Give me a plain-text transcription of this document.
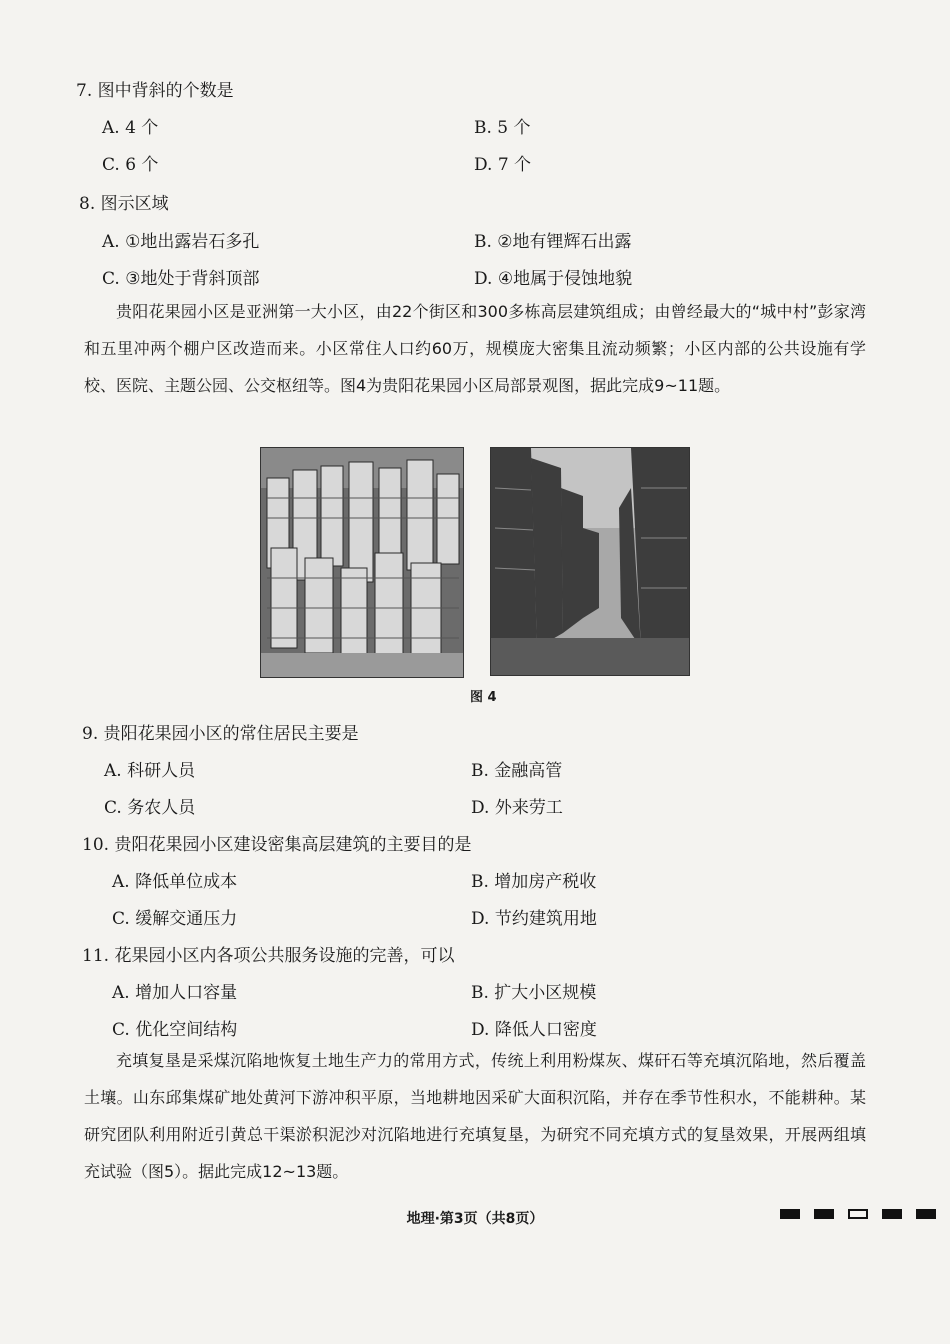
7. 图中背斜的个数是
A. 4 个	B. 5 个
C. 6 个	D. 7 个
8. 图示区域
A. ①地出露岩石多孔	B. ②地有锂辉石出露
C. ③地处于背斜顶部	D. ④地属于侵蚀地貌
贵阳花果园小区是亚洲第一大小区，由22个街区和300多栋高层建筑组成；由曾经最大的“城中村”彭家湾和五里冲两个棚户区改造而来。小区常住人口约60万，规模庞大密集且流动频繁；小区内部的公共设施有学校、医院、主题公园、公交枢纽等。图4为贵阳花果园小区局部景观图，据此完成9~11题。
图 4
9. 贵阳花果园小区的常住居民主要是
A. 科研人员	B. 金融高管
C. 务农人员	D. 外来劳工
10. 贵阳花果园小区建设密集高层建筑的主要目的是
A. 降低单位成本	B. 增加房产税收
C. 缓解交通压力	D. 节约建筑用地
11. 花果园小区内各项公共服务设施的完善，可以
A. 增加人口容量	B. 扩大小区规模
C. 优化空间结构	D. 降低人口密度
充填复垦是采煤沉陷地恢复土地生产力的常用方式，传统上利用粉煤灰、煤矸石等充填沉陷地，然后覆盖土壤。山东邱集煤矿地处黄河下游冲积平原，当地耕地因采矿大面积沉陷，并存在季节性积水，不能耕种。某研究团队利用附近引黄总干渠淤积泥沙对沉陷地进行充填复垦，为研究不同充填方式的复垦效果，开展两组填充试验（图5）。据此完成12~13题。
地理·第3页（共8页）
